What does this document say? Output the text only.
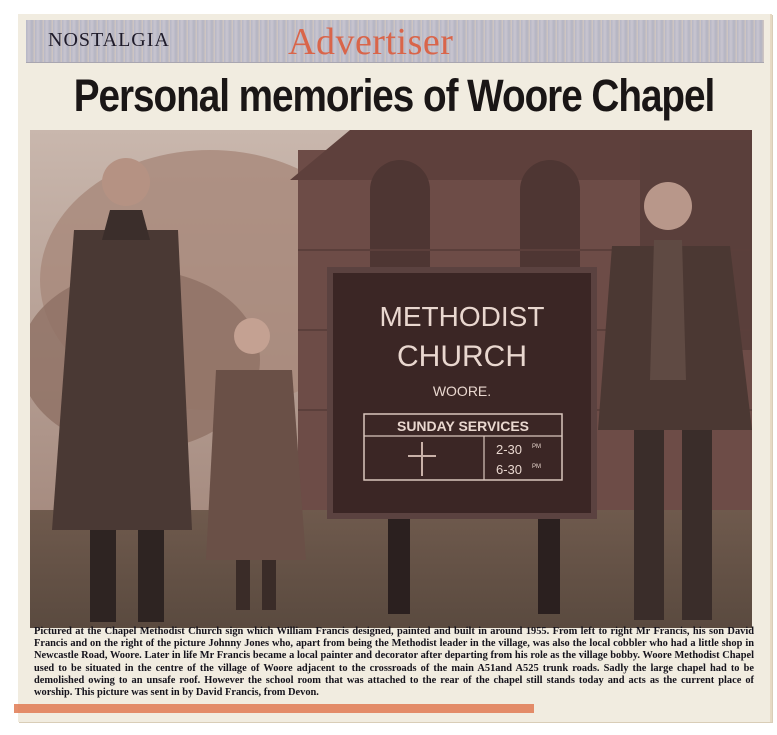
NOSTALGIA	Advertiser
Personal memories of Woore Chapel
METHODIST
CHURCH
WOORE.
SUNDAY SERVICES
2-30 PM
6-30 PM
Pictured at the Chapel Methodist Church sign which William Francis designed, painted and built in around 1955. From left to right Mr Francis, his son David Francis and on the right of the picture Johnny Jones who, apart from being the Methodist leader in the village, was also the local cobbler who had a little shop in Newcastle Road, Woore. Later in life Mr Francis became a local painter and decorator after departing from his role as the village bobby. Woore Methodist Chapel used to be situated in the centre of the village of Woore adjacent to the crossroads of the main A51and A525 trunk roads. Sadly the large chapel had to be demolished owing to an unsafe roof. However the school room that was attached to the rear of the chapel still stands today and acts as the current place of worship. This picture was sent in by David Francis, from Devon.
